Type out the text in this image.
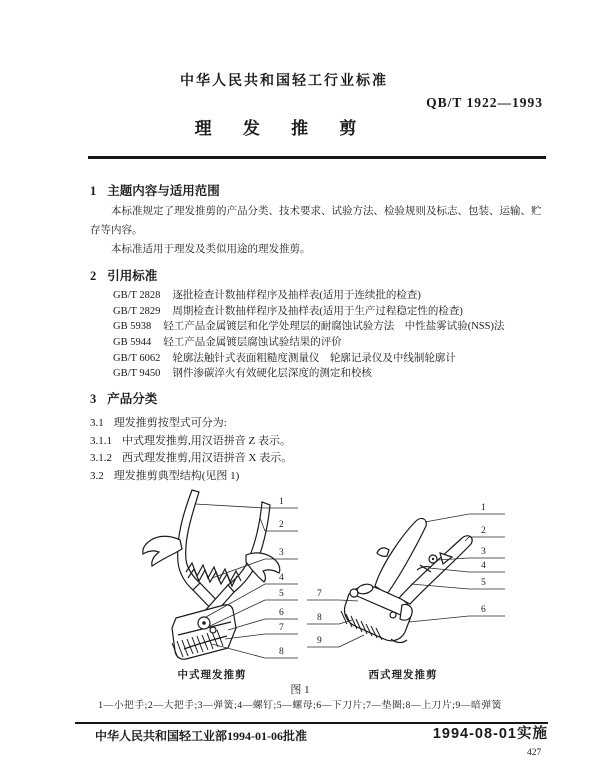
中华人民共和国轻工行业标准
QB/T 1922—1993
理 发 推 剪
1 主题内容与适用范围
本标准规定了理发推剪的产品分类、技术要求、试验方法、检验规则及标志、包装、运输、贮存等内容。
本标准适用于理发及类似用途的理发推剪。
2 引用标准
GB/T 2828 逐批检查计数抽样程序及抽样表(适用于连续批的检查)
GB/T 2829 周期检查计数抽样程序及抽样表(适用于生产过程稳定性的检查)
GB 5938 轻工产品金属镀层和化学处理层的耐腐蚀试验方法　中性盐雾试验(NSS)法
GB 5944 轻工产品金属镀层腐蚀试验结果的评价
GB/T 6062 轮廓法触针式表面粗糙度测量仪　轮廓记录仪及中线制轮廓计
GB/T 9450 钢件渗碳淬火有效硬化层深度的测定和校核
3 产品分类
3.1 理发推剪按型式可分为:
3.1.1 中式理发推剪,用汉语拼音 Z 表示。
3.1.2 西式理发推剪,用汉语拼音 X 表示。
3.2 理发推剪典型结构(见图 1)
1
2
3
4
5
6
7
8
1
2
3
4
5
6
7
8
9
中式理发推剪	西式理发推剪
图 1
1—小把手;2—大把手;3—弹簧;4—螺钉;5—螺母;6—下刀片;7—垫圈;8—上刀片;9—暗弹簧
中华人民共和国轻工业部1994-01-06批准	1994-08-01实施
427
